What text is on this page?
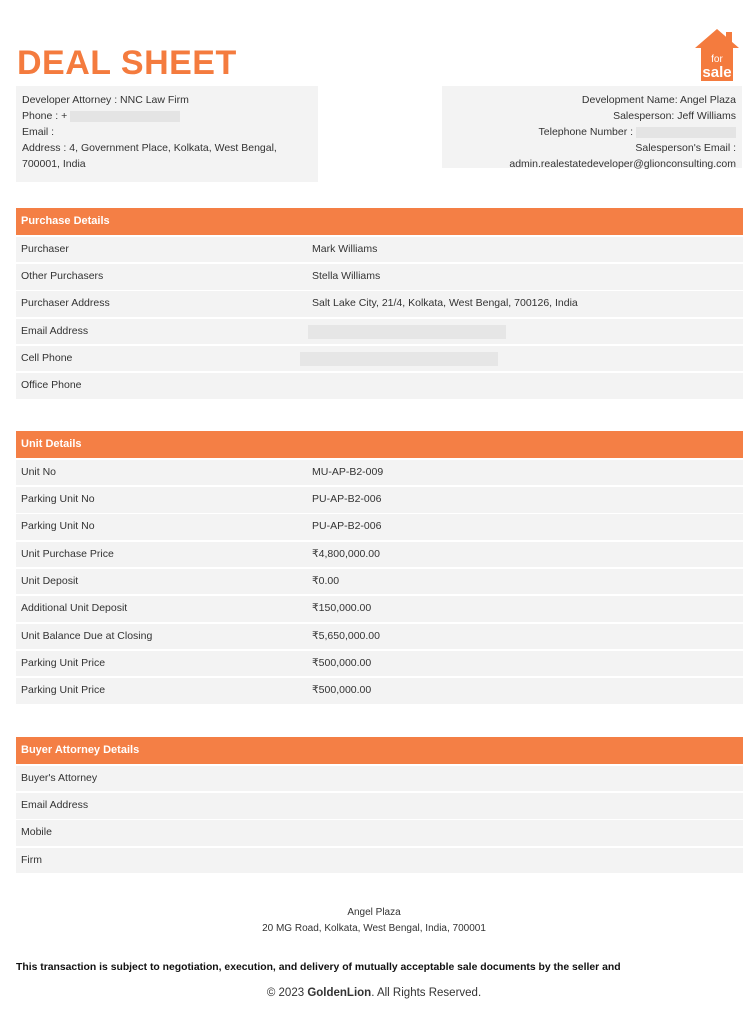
DEAL SHEET	for
sale
Developer Attorney : NNC Law Firm
Phone : +
Email :
Address : 4, Government Place, Kolkata, West Bengal, 700001, India
Development Name: Angel Plaza
Salesperson: Jeff Williams
Telephone Number :
Salesperson's Email :
admin.realestatedeveloper@glionconsulting.com
Purchase Details
Purchaser	Mark Williams
Other Purchasers	Stella Williams
Purchaser Address	Salt Lake City, 21/4, Kolkata, West Bengal, 700126, India
Email Address
Cell Phone
Office Phone
Unit Details
Unit No	MU-AP-B2-009
Parking Unit No	PU-AP-B2-006
Parking Unit No	PU-AP-B2-006
Unit Purchase Price	₹4,800,000.00
Unit Deposit	₹0.00
Additional Unit Deposit	₹150,000.00
Unit Balance Due at Closing	₹5,650,000.00
Parking Unit Price	₹500,000.00
Parking Unit Price	₹500,000.00
Buyer Attorney Details
Buyer's Attorney
Email Address
Mobile
Firm
Angel Plaza
20 MG Road, Kolkata, West Bengal, India, 700001

This transaction is subject to negotiation, execution, and delivery of mutually acceptable sale documents by the seller and

© 2023 GoldenLion. All Rights Reserved.
